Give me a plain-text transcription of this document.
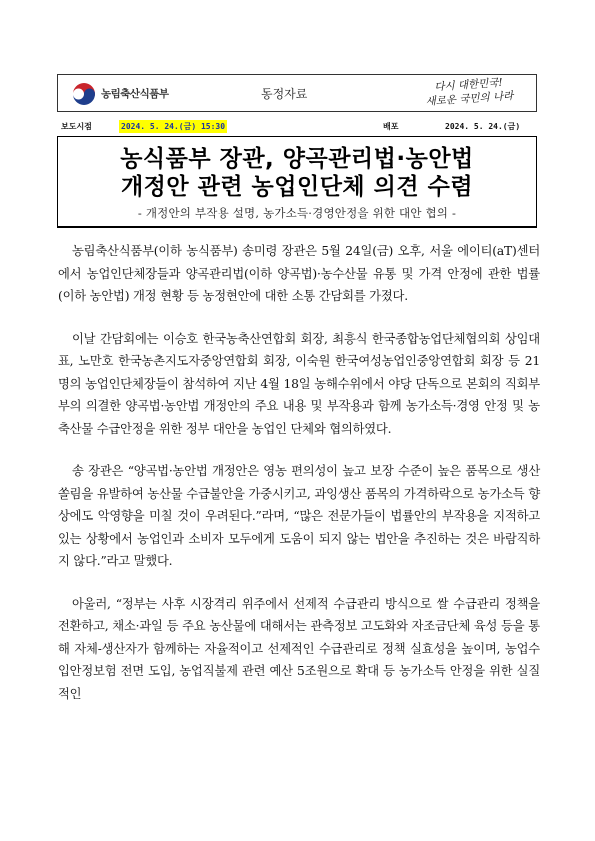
농림축산식품부	동정자료
다시 대한민국!
새로운 국민의 나라
보도시점	2024. 5. 24.(금) 15:30	배포	2024. 5. 24.(금)
농식품부 장관, 양곡관리법·농안법
개정안 관련 농업인단체 의견 수렴
- 개정안의 부작용 설명, 농가소득·경영안정을 위한 대안 협의 -

농림축산식품부(이하 농식품부) 송미령 장관은 5월 24일(금) 오후, 서울 에이티(aT)센터에서 농업인단체장들과 양곡관리법(이하 양곡법)·농수산물 유통 및 가격 안정에 관한 법률(이하 농안법) 개정 현황 등 농정현안에 대한 소통 간담회를 가졌다.

이날 간담회에는 이승호 한국농축산연합회 회장, 최흥식 한국종합농업단체협의회 상임대표, 노만호 한국농촌지도자중앙연합회 회장, 이숙원 한국여성농업인중앙연합회 회장 등 21명의 농업인단체장들이 참석하여 지난 4월 18일 농해수위에서 야당 단독으로 본회의 직회부 부의 의결한 양곡법·농안법 개정안의 주요 내용 및 부작용과 함께 농가소득·경영 안정 및 농축산물 수급안정을 위한 정부 대안을 농업인 단체와 협의하였다.

송 장관은 “양곡법·농안법 개정안은 영농 편의성이 높고 보장 수준이 높은 품목으로 생산 쏠림을 유발하여 농산물 수급불안을 가중시키고, 과잉생산 품목의 가격하락으로 농가소득 향상에도 악영향을 미칠 것이 우려된다.”라며, “많은 전문가들이 법률안의 부작용을 지적하고 있는 상황에서 농업인과 소비자 모두에게 도움이 되지 않는 법안을 추진하는 것은 바람직하지 않다.”라고 말했다.

아울러, “정부는 사후 시장격리 위주에서 선제적 수급관리 방식으로 쌀 수급관리 정책을 전환하고, 채소·과일 등 주요 농산물에 대해서는 관측정보 고도화와 자조금단체 육성 등을 통해 자체-생산자가 함께하는 자율적이고 선제적인 수급관리로 정책 실효성을 높이며, 농업수입안정보험 전면 도입, 농업직불제 관련 예산 5조원으로 확대 등 농가소득 안정을 위한 실질적인
